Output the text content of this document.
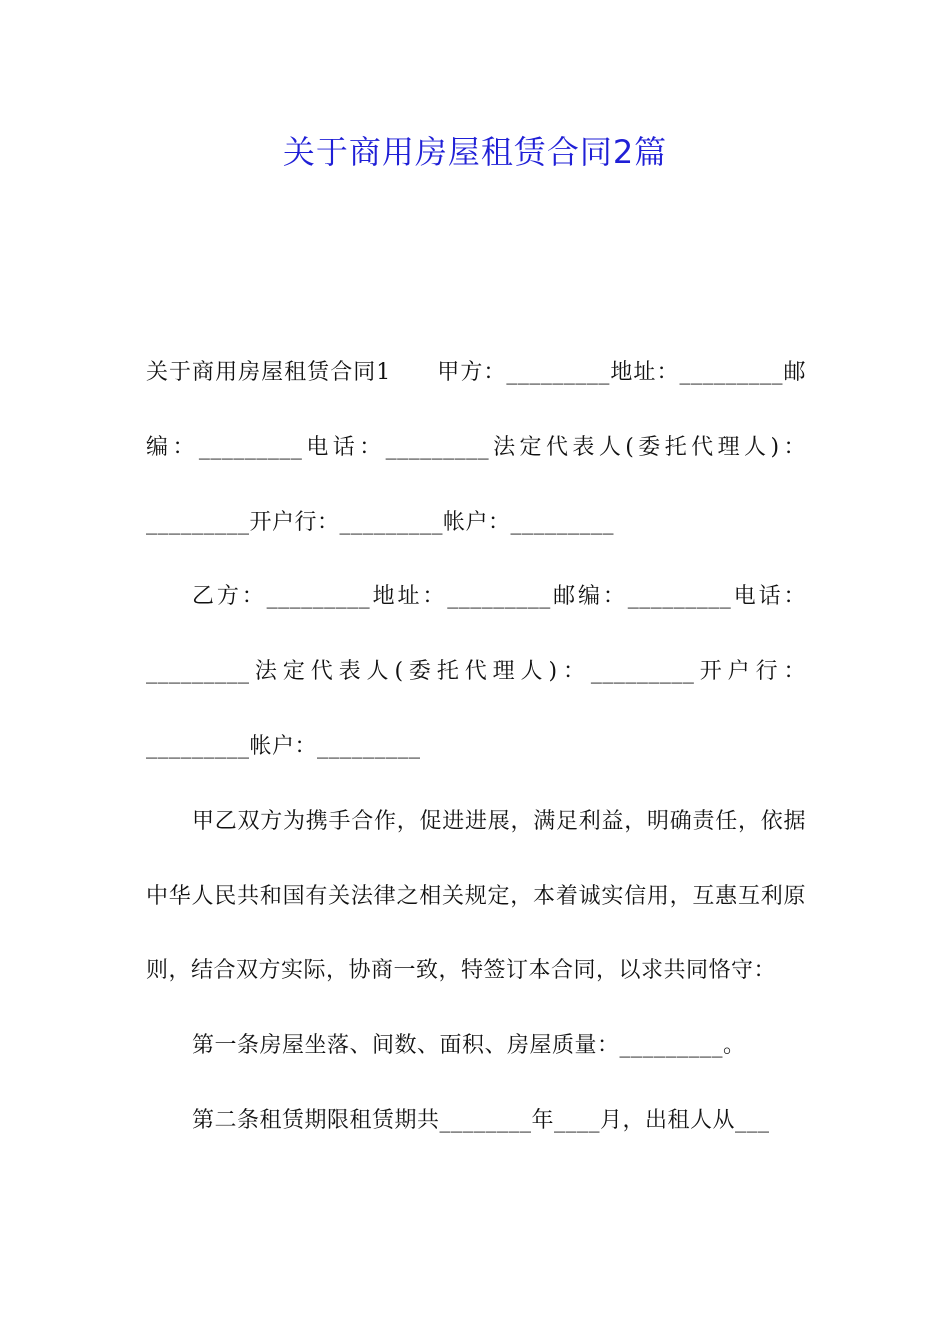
关于商用房屋租赁合同2篇

关于商用房屋租赁合同1　　甲方：_________地址：_________邮编：_________电话：_________法定代表人(委托代理人)：_________开户行：_________帐户：_________

乙方：_________地址：_________邮编：_________电话：_________法定代表人(委托代理人)：_________开户行：_________帐户：_________

甲乙双方为携手合作，促进进展，满足利益，明确责任，依据中华人民共和国有关法律之相关规定，本着诚实信用，互惠互利原则，结合双方实际，协商一致，特签订本合同，以求共同恪守：

第一条房屋坐落、间数、面积、房屋质量：_________。

第二条租赁期限租赁期共________年____月，出租人从___
